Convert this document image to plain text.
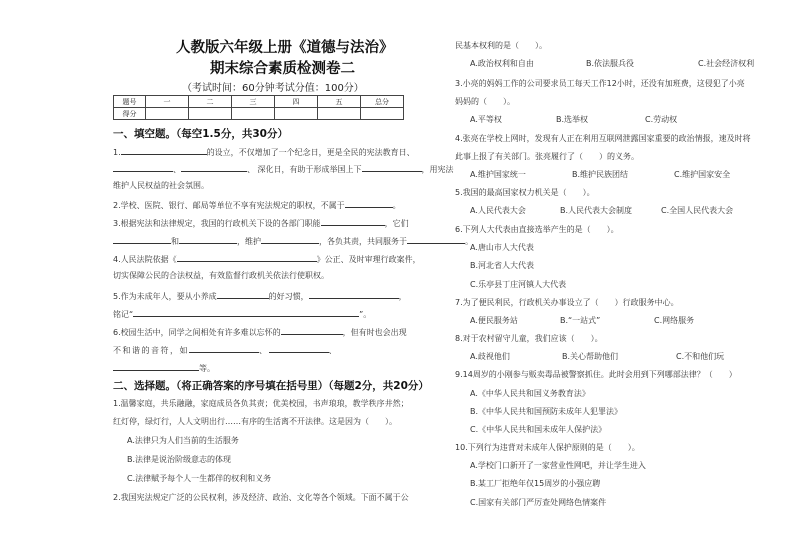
人教版六年级上册《道德与法治》
期末综合素质检测卷二
（考试时间：60分钟考试分值：100分）
题号	一	二	三	四	五	总分
得分						
一、填空题。（每空1.5分，共30分）
1.	的设立，不仅增加了一个纪念日，更是全民的宪法教育日、
、	、 深化日，有助于形成举国上下	，用宪法
维护人民权益的社会氛围。
2.学校、医院、银行、邮局等单位不享有宪法规定的职权，不属于	。
3.根据宪法和法律规定，我国的行政机关下设的各部门职能	，它们
和	，维护	，各负其责，共同服务于	。
4.人民法院依据《	》公正、及时审理行政案件，
切实保障公民的合法权益，有效监督行政机关依法行使职权。
5.作为未成年人，要从小养成	的好习惯，	，
铭记“	”。
6.校园生活中，同学之间相处有许多难以忘怀的	，但有时也会出现
不和谐的音符，如	、	、
等。
二、选择题。（将正确答案的序号填在括号里）（每题2分，共20分）
1.温馨家庭，共乐融融，家庭成员各负其责；优美校园，书声琅琅，教学秩序井然；
红灯停，绿灯行，人人文明出行……有序的生活离不开法律。这是因为（　　）。
A.法律只为人们当前的生活服务
B.法律是说治阶级意志的体现
C.法律赋予每个人一生都伴的权利和义务
2.我国宪法规定广泛的公民权利，涉及经济、政治、文化等各个领域。下面不属于公
民基本权利的是（　　）。
A.政治权利和自由	B.依法服兵役	C.社会经济权利
3.小亮的妈妈工作的公司要求员工每天工作12小时，还没有加班费，这侵犯了小亮
妈妈的（　　）。
A.平等权	B.选举权	C.劳动权
4.张亮在学校上网时，发现有人正在利用互联网泄露国家重要的政治情报，速及时将
此事上报了有关部门。张亮履行了（　　）的义务。
A.维护国家统一	B.维护民族团结	C.维护国家安全
5.我国的最高国家权力机关是（　　）。
A.人民代表大会	B.人民代表大会制度	C.全国人民代表大会
6.下列人大代表由直接选举产生的是（　　）。
A.唐山市人大代表
B.河北省人大代表
C.乐亭县丁庄河镇人大代表
7.为了便民利民，行政机关办事设立了（　　）行政服务中心。
A.便民服务站	B.“一站式”	C.网络服务
8.对于农村留守儿童，我们应该（　　）。
A.歧视他们	B.关心帮助他们	C.不和他们玩
9.14周岁的小刚参与贩卖毒品被警察抓住。此时会用到下列哪部法律？（　　）
A.《中华人民共和国义务教育法》
B.《中华人民共和国预防未成年人犯罪法》
C.《中华人民共和国未成年人保护法》
10.下列行为违背对未成年人保护原则的是（　　）。
A.学校门口新开了一家营业性网吧，并让学生进入
B.某工厂拒绝年仅15周岁的小强应聘
C.国家有关部门严厉查处网络色情案件
